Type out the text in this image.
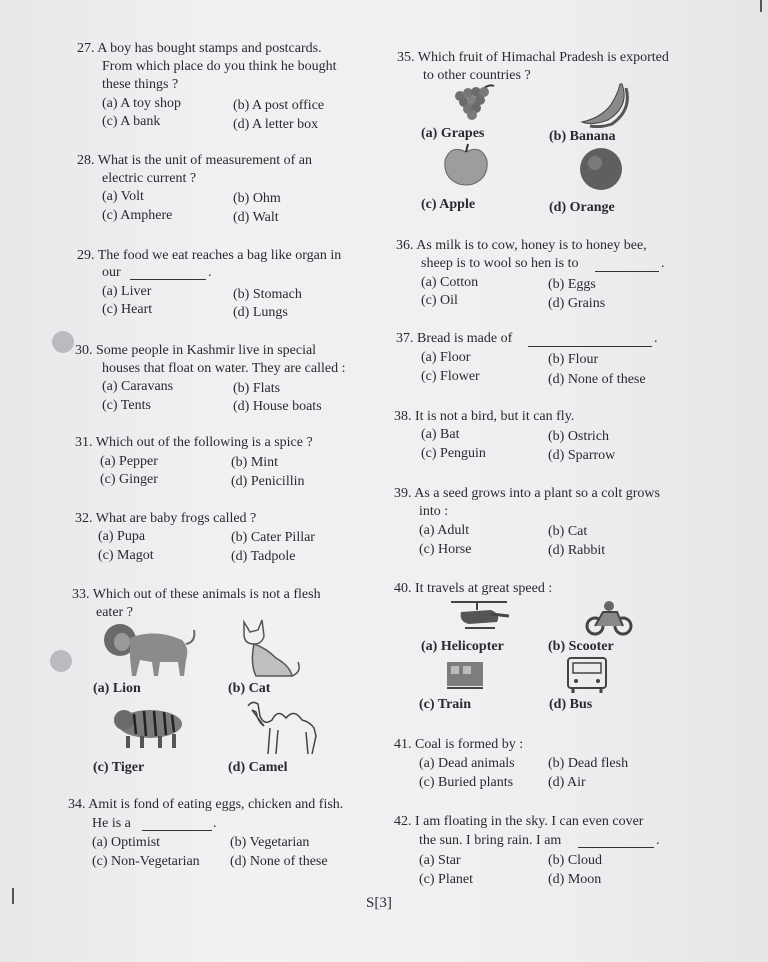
27. A boy has bought stamps and postcards.
From which place do you think he bought
these things ?
(a) A toy shop	(b) A post office
(c) A bank	(d) A letter box
28. What is the unit of measurement of an
electric current ?
(a) Volt	(b) Ohm
(c) Amphere	(d) Walt
29. The food we eat reaches a bag like organ in
our	.
(a) Liver	(b) Stomach
(c) Heart	(d) Lungs
30. Some people in Kashmir live in special
houses that float on water. They are called :
(a) Caravans	(b) Flats
(c) Tents	(d) House boats
31. Which out of the following is a spice ?
(a) Pepper	(b) Mint
(c) Ginger	(d) Penicillin
32. What are baby frogs called ?
(a) Pupa	(b) Cater Pillar
(c) Magot	(d) Tadpole
33. Which out of these animals is not a flesh
eater ?
(a) Lion	(b) Cat
(c) Tiger	(d) Camel
34. Amit is fond of eating eggs, chicken and fish.
He is a	.
(a) Optimist	(b) Vegetarian
(c) Non-Vegetarian (d) None of these
35. Which fruit of Himachal Pradesh is exported
to other countries ?
(a) Grapes	(b) Banana
(c) Apple	(d) Orange
36. As milk is to cow, honey is to honey bee,
sheep is to wool so hen is to	.
(a) Cotton	(b) Eggs
(c) Oil	(d) Grains
37. Bread is made of	.
(a) Floor	(b) Flour
(c) Flower	(d) None of these
38. It is not a bird, but it can fly.
(a) Bat	(b) Ostrich
(c) Penguin	(d) Sparrow
39. As a seed grows into a plant so a colt grows
into :
(a) Adult	(b) Cat
(c) Horse	(d) Rabbit
40. It travels at great speed :
(a) Helicopter	(b) Scooter
(c) Train	(d) Bus
41. Coal is formed by :
(a) Dead animals (b) Dead flesh
(c) Buried plants (d) Air
42. I am floating in the sky. I can even cover
the sun. I bring rain. I am	.
(a) Star	(b) Cloud
(c) Planet	(d) Moon
S[3]
